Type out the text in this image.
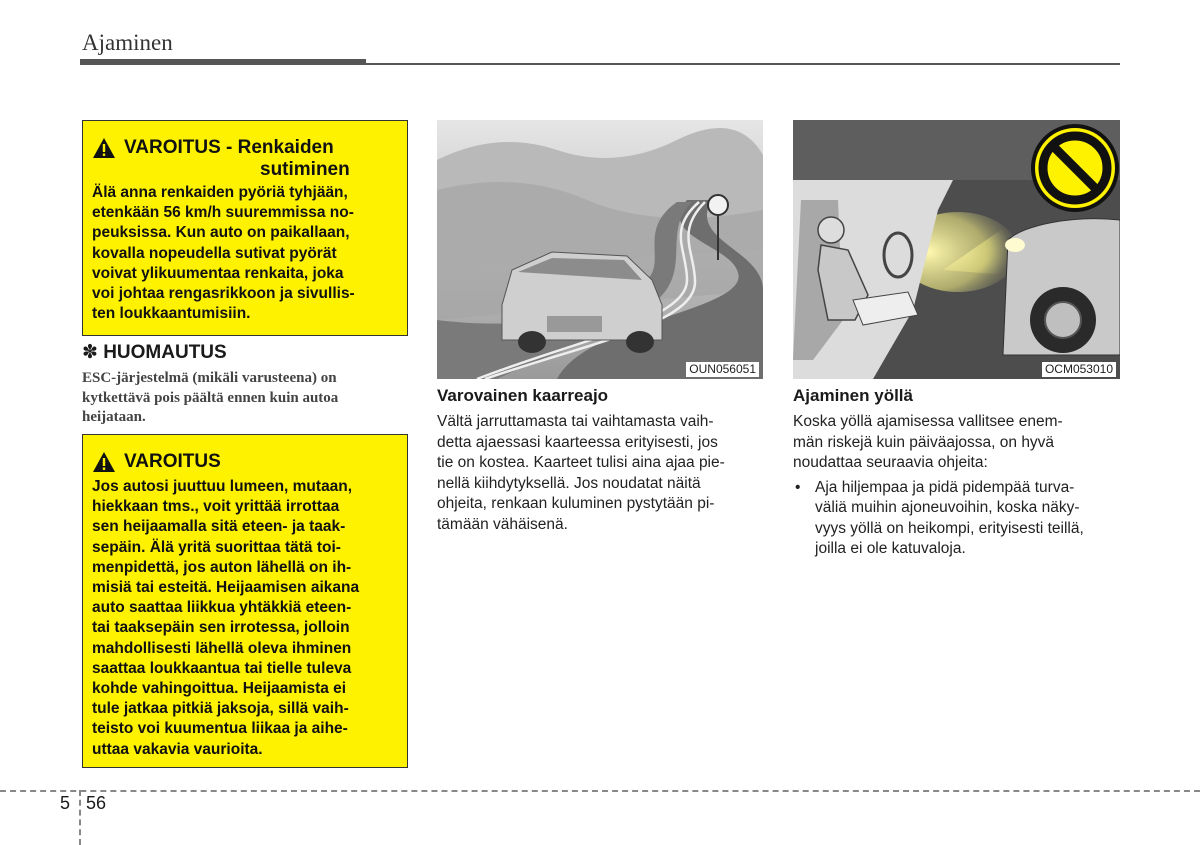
Ajaminen
VAROITUS - Renkaiden
sutiminen
Älä anna renkaiden pyöriä tyhjään,
etenkään 56 km/h suuremmissa no-
peuksissa. Kun auto on paikallaan,
kovalla nopeudella sutivat pyörät
voivat ylikuumentaa renkaita, joka
voi johtaa rengasrikkoon ja sivullis-
ten loukkaantumisiin.
✽ HUOMAUTUS
ESC-järjestelmä (mikäli varusteena) on
kytkettävä pois päältä ennen kuin autoa
heijataan.
VAROITUS
Jos autosi juuttuu lumeen, mutaan,
hiekkaan tms., voit yrittää irrottaa
sen heijaamalla sitä eteen- ja taak-
sepäin. Älä yritä suorittaa tätä toi-
menpidettä, jos auton lähellä on ih-
misiä tai esteitä. Heijaamisen aikana
auto saattaa liikkua yhtäkkiä eteen-
tai taaksepäin sen irrotessa, jolloin
mahdollisesti lähellä oleva ihminen
saattaa loukkaantua tai tielle tuleva
kohde vahingoittua. Heijaamista ei
tule jatkaa pitkiä jaksoja, sillä vaih-
teisto voi kuumentua liikaa ja aihe-
uttaa vakavia vaurioita.
OUN056051
Varovainen kaarreajo
Vältä jarruttamasta tai vaihtamasta vaih-
detta ajaessasi kaarteessa erityisesti, jos
tie on kostea. Kaarteet tulisi aina ajaa pie-
nellä kiihdytyksellä. Jos noudatat näitä
ohjeita, renkaan kuluminen pystytään pi-
tämään vähäisenä.
OCM053010
Ajaminen yöllä
Koska yöllä ajamisessa vallitsee enem-
män riskejä kuin päiväajossa, on hyvä
noudattaa seuraavia ohjeita:
• Aja hiljempaa ja pidä pidempää turva-
väliä muihin ajoneuvoihin, koska näky-
vyys yöllä on heikompi, erityisesti teillä,
joilla ei ole katuvaloja.
5 56
